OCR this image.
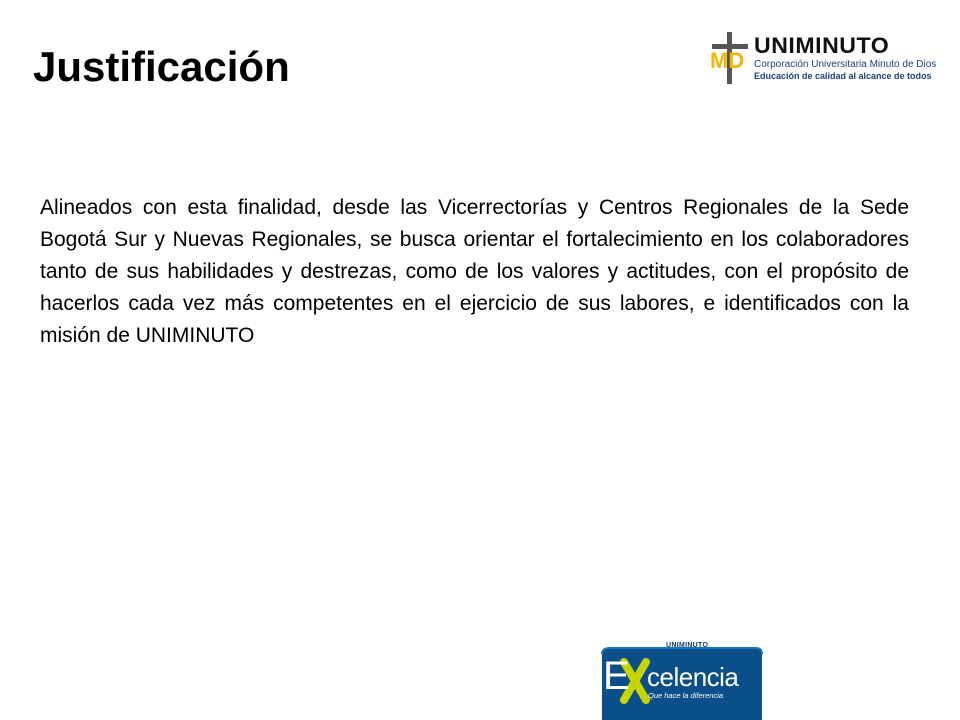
Justificación	MD
UNIMINUTO
Corporación Universitaria Minuto de Dios
Educación de calidad al alcance de todos

Alineados con esta finalidad, desde las Vicerrectorías y Centros Regionales de la Sede Bogotá Sur y Nuevas Regionales, se busca orientar el fortalecimiento en los colaboradores tanto de sus habilidades y destrezas, como de los valores y actitudes, con el propósito de hacerlos cada vez más competentes en el ejercicio de sus labores, e identificados con la misión de UNIMINUTO

UNIMINUTO
E celencia
Que hace la diferencia
